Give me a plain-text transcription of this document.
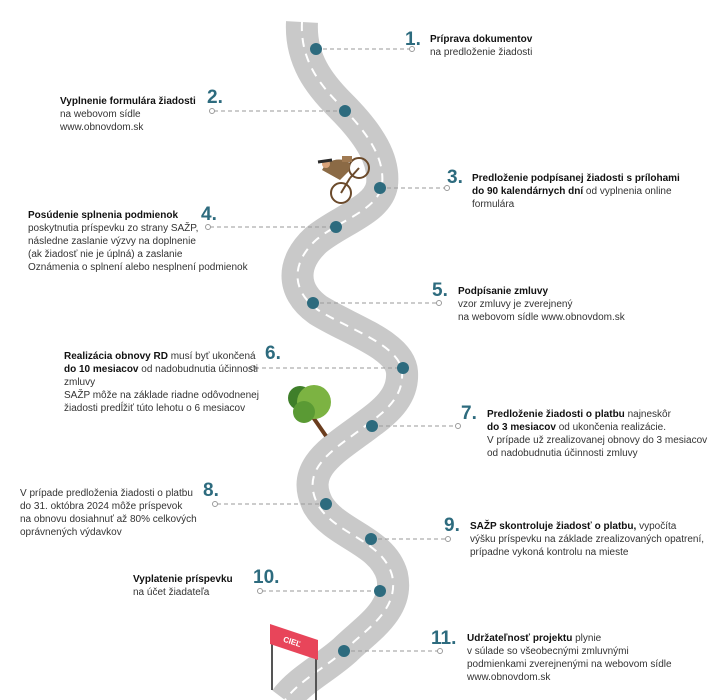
CIEĽ
1. Príprava dokumentov
na predloženie žiadosti
Vyplnenie formulára žiadosti
na webovom sídle
www.obnovdom.sk
2.
3. Predloženie podpísanej žiadosti s prílohami
do 90 kalendárnych dní od vyplnenia online
formulára
Posúdenie splnenia podmienok
poskytnutia príspevku zo strany SAŽP,
následne zaslanie výzvy na doplnenie
(ak žiadosť nie je úplná) a zaslanie
Oznámenia o splnení alebo nesplnení podmienok
4.
5. Podpísanie zmluvy
vzor zmluvy je zverejnený
na webovom sídle www.obnovdom.sk
Realizácia obnovy RD musí byť ukončená
do 10 mesiacov od nadobudnutia účinnosti
zmluvy
SAŽP môže na základe riadne odôvodnenej
žiadosti predĺžiť túto lehotu o 6 mesiacov
6.
7. Predloženie žiadosti o platbu najneskôr
do 3 mesiacov od ukončenia realizácie.
V prípade už zrealizovanej obnovy do 3 mesiacov
od nadobudnutia účinnosti zmluvy
V prípade predloženia žiadosti o platbu
do 31. októbra 2024 môže príspevok
na obnovu dosiahnuť až 80% celkových
oprávnených výdavkov
8.
9. SAŽP skontroluje žiadosť o platbu, vypočíta
výšku príspevku na základe zrealizovaných opatrení,
prípadne vykoná kontrolu na mieste
Vyplatenie príspevku
na účet žiadateľa
10.
11. Udržateľnosť projektu plynie
v súlade so všeobecnými zmluvnými
podmienkami zverejnenými na webovom sídle
www.obnovdom.sk
